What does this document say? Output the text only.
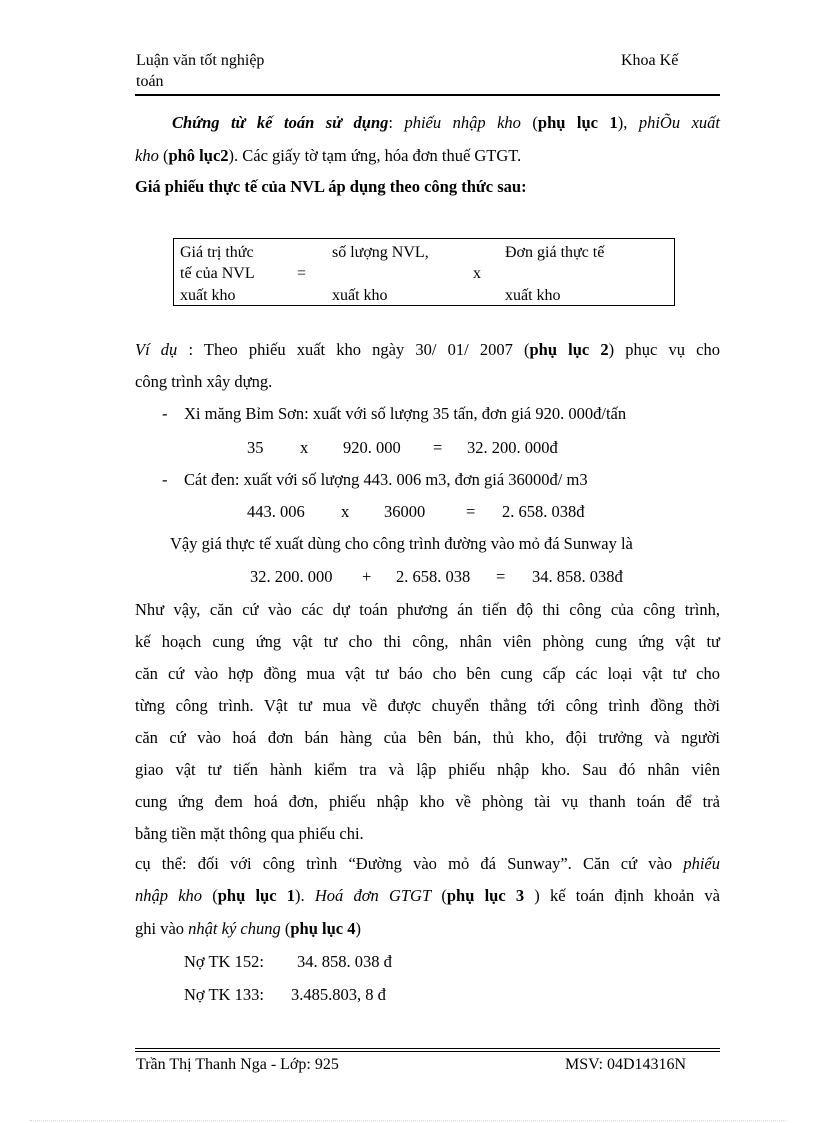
Luận văn tốt nghiệp
toán
Khoa Kế
Chứng từ kế toán sử dụng: phiếu nhập kho (phụ lục 1), phiÕu xuất
kho (phô lục2). Các giấy tờ tạm ứng, hóa đơn thuế GTGT.
Giá phiếu thực tế của NVL áp dụng theo công thức sau:
Giá trị thức
tế của NVL
xuất kho
=
số lượng NVL,
xuất kho
x
Đơn giá thực tế
xuất kho
Ví dụ : Theo phiếu xuất kho ngày 30/ 01/ 2007 (phụ lục 2) phục vụ cho
công trình xây dựng.
- Xi măng Bỉm Sơn: xuất với số lượng 35 tấn, đơn giá 920. 000đ/tấn
35 x 920. 000 = 32. 200. 000đ
- Cát đen: xuất với số lượng 443. 006 m3, đơn giá 36000đ/ m3
443. 006 x 36000 = 2. 658. 038đ
Vậy giá thực tế xuất dùng cho công trình đường vào mỏ đá Sunway là
32. 200. 000 + 2. 658. 038 = 34. 858. 038đ
Như vậy, căn cứ vào các dự toán phương án tiến độ thi công của công trình,
kế hoạch cung ứng vật tư cho thi công, nhân viên phòng cung ứng vật tư
căn cứ vào hợp đồng mua vật tư báo cho bên cung cấp các loại vật tư cho
từng công trình. Vật tư mua về được chuyển thẳng tới công trình đồng thời
căn cứ vào hoá đơn bán hàng của bên bán, thủ kho, đội trưởng và người
giao vật tư tiến hành kiểm tra và lập phiếu nhập kho. Sau đó nhân viên
cung ứng đem hoá đơn, phiếu nhập kho về phòng tài vụ thanh toán để trả
bằng tiền mặt thông qua phiếu chi.
cụ thể: đối với công trình “Đường vào mỏ đá Sunway”. Căn cứ vào phiếu
nhập kho (phụ lục 1). Hoá đơn GTGT (phụ lục 3 ) kế toán định khoản và
ghi vào nhật ký chung (phụ lục 4)
Nợ TK 152: 34. 858. 038 đ
Nợ TK 133: 3.485.803, 8 đ
Trần Thị Thanh Nga - Lớp: 925	MSV: 04D14316N
